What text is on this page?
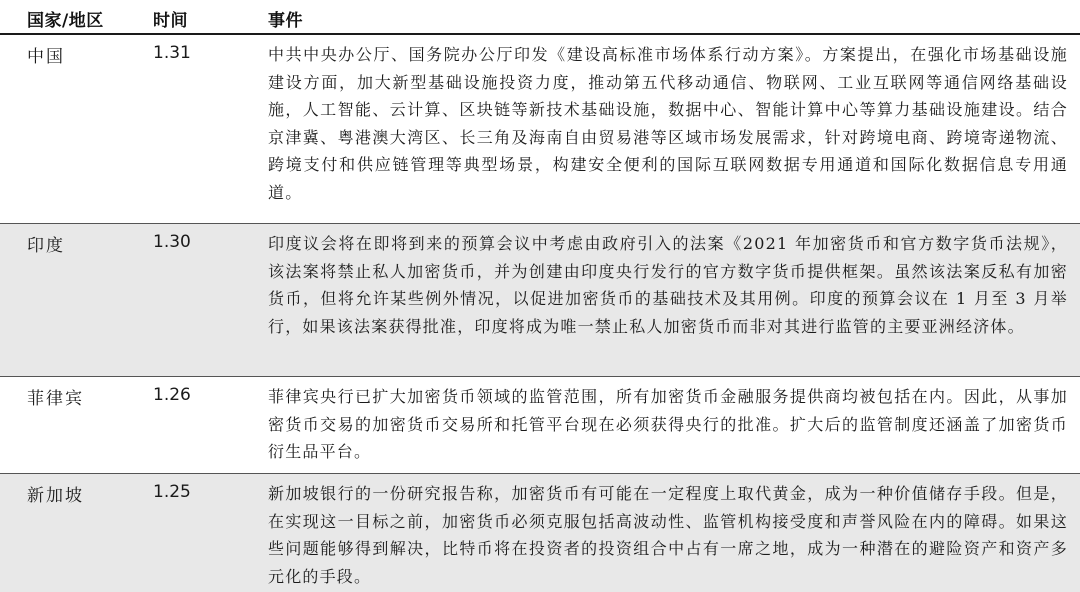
国家/地区	时间	事件
中国	1.31	中共中央办公厅、国务院办公厅印发《建设高标准市场体系行动方案》。方案提出，在强化市场基础设施建设方面，加大新型基础设施投资力度，推动第五代移动通信、物联网、工业互联网等通信网络基础设施，人工智能、云计算、区块链等新技术基础设施，数据中心、智能计算中心等算力基础设施建设。结合京津冀、粤港澳大湾区、长三角及海南自由贸易港等区域市场发展需求，针对跨境电商、跨境寄递物流、跨境支付和供应链管理等典型场景，构建安全便利的国际互联网数据专用通道和国际化数据信息专用通道。
印度	1.30	印度议会将在即将到来的预算会议中考虑由政府引入的法案《2021 年加密货币和官方数字货币法规》，该法案将禁止私人加密货币，并为创建由印度央行发行的官方数字货币提供框架。虽然该法案反私有加密货币，但将允许某些例外情况，以促进加密货币的基础技术及其用例。印度的预算会议在 1 月至 3 月举行，如果该法案获得批准，印度将成为唯一禁止私人加密货币而非对其进行监管的主要亚洲经济体。
菲律宾	1.26	菲律宾央行已扩大加密货币领域的监管范围，所有加密货币金融服务提供商均被包括在内。因此，从事加密货币交易的加密货币交易所和托管平台现在必须获得央行的批准。扩大后的监管制度还涵盖了加密货币衍生品平台。
新加坡	1.25	新加坡银行的一份研究报告称，加密货币有可能在一定程度上取代黄金，成为一种价值储存手段。但是，在实现这一目标之前，加密货币必须克服包括高波动性、监管机构接受度和声誉风险在内的障碍。如果这些问题能够得到解决，比特币将在投资者的投资组合中占有一席之地，成为一种潜在的避险资产和资产多元化的手段。
